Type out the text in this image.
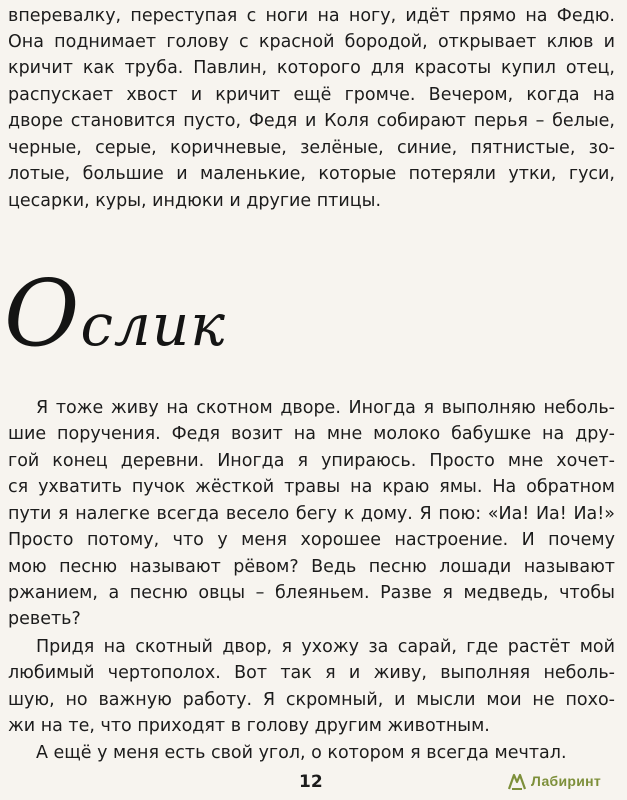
вперевалку, переступая с ноги на ногу, идёт прямо на Федю.
Она поднимает голову с красной бородой, открывает клюв и
кричит как труба. Павлин, которого для красоты купил отец,
распускает хвост и кричит ещё громче. Вечером, когда на
дворе становится пусто, Федя и Коля собирают перья – белые,
черные, серые, коричневые, зелёные, синие, пятнистые, зо-
лотые, большие и маленькие, которые потеряли утки, гуси,
цесарки, куры, индюки и другие птицы.
Ослик
Я тоже живу на скотном дворе. Иногда я выполняю неболь-
шие поручения. Федя возит на мне молоко бабушке на дру-
гой конец деревни. Иногда я упираюсь. Просто мне хочет-
ся ухватить пучок жёсткой травы на краю ямы. На обратном
пути я налегке всегда весело бегу к дому. Я пою: «Иа! Иа! Иа!»
Просто потому, что у меня хорошее настроение. И почему
мою песню называют рёвом? Ведь песню лошади называют
ржанием, а песню овцы – блеяньем. Разве я медведь, чтобы
реветь?
Придя на скотный двор, я ухожу за сарай, где растёт мой
любимый чертополох. Вот так я и живу, выполняя неболь-
шую, но важную работу. Я скромный, и мысли мои не похо-
жи на те, что приходят в голову другим животным.
А ещё у меня есть свой угол, о котором я всегда мечтал.
12	Лабиринт
